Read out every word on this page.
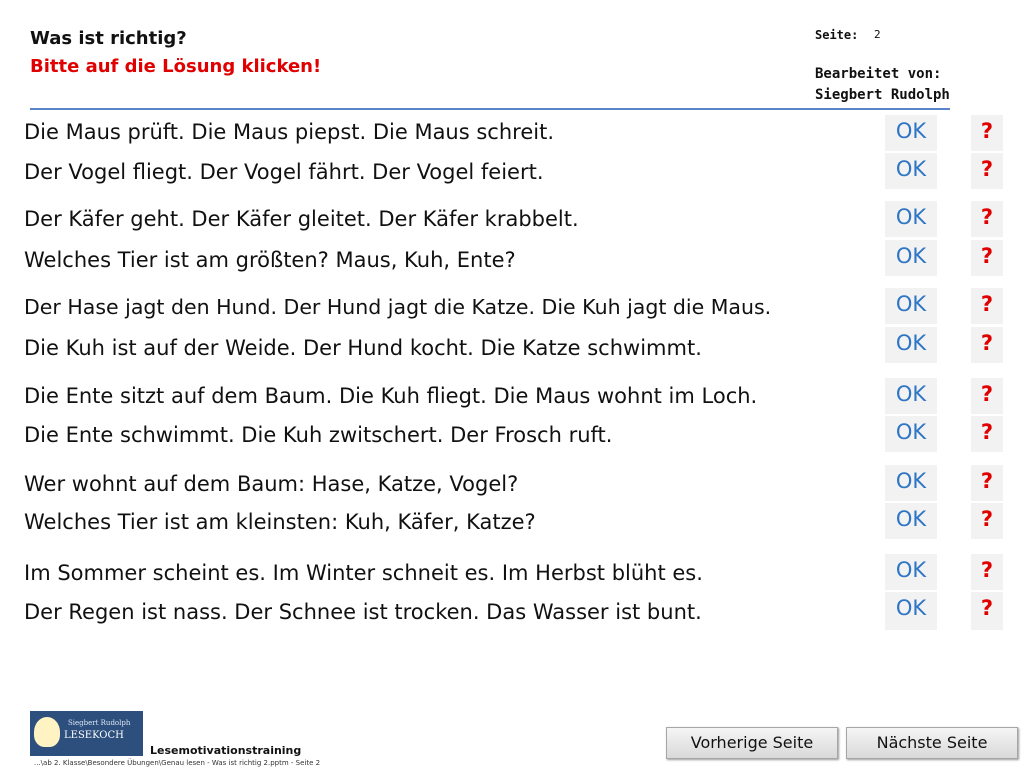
Was ist richtig?
Bitte auf die Lösung klicken!
Seite: 2
Bearbeitet von:
Siegbert Rudolph
Die Maus prüft. Die Maus piepst. Die Maus schreit.	OK	?
Der Vogel fliegt. Der Vogel fährt. Der Vogel feiert.	OK	?
Der Käfer geht. Der Käfer gleitet. Der Käfer krabbelt.	OK	?
Welches Tier ist am größten? Maus, Kuh, Ente?	OK	?
Der Hase jagt den Hund. Der Hund jagt die Katze. Die Kuh jagt die Maus.	OK	?
Die Kuh ist auf der Weide. Der Hund kocht. Die Katze schwimmt.	OK	?
Die Ente sitzt auf dem Baum. Die Kuh fliegt. Die Maus wohnt im Loch.	OK	?
Die Ente schwimmt. Die Kuh zwitschert. Der Frosch ruft.	OK	?
Wer wohnt auf dem Baum: Hase, Katze, Vogel?	OK	?
Welches Tier ist am kleinsten: Kuh, Käfer, Katze?	OK	?
Im Sommer scheint es. Im Winter schneit es. Im Herbst blüht es.	OK	?
Der Regen ist nass. Der Schnee ist trocken. Das Wasser ist bunt.	OK	?
Siegbert Rudolph
LESEKOCH
Lesemotivationstraining
...\ab 2. Klasse\Besondere Übungen\Genau lesen - Was ist richtig 2.pptm - Seite 2
Vorherige Seite	Nächste Seite
